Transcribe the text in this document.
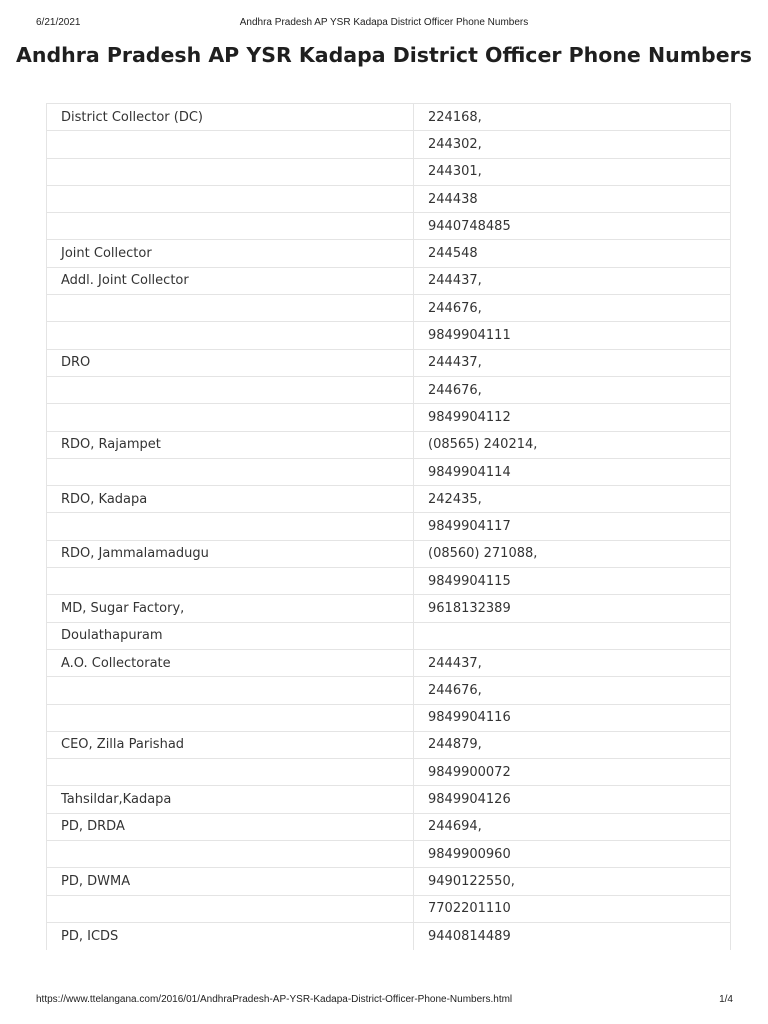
6/21/2021	Andhra Pradesh AP YSR Kadapa District Officer Phone Numbers
Andhra Pradesh AP YSR Kadapa District Officer Phone Numbers
District Collector (DC)	224168,
	244302,
	244301,
	244438
	9440748485
Joint Collector	244548
Addl. Joint Collector	244437,
	244676,
	9849904111
DRO	244437,
	244676,
	9849904112
RDO, Rajampet	(08565) 240214,
	9849904114
RDO, Kadapa	242435,
	9849904117
RDO, Jammalamadugu	(08560) 271088,
	9849904115
MD, Sugar Factory,	9618132389
Doulathapuram	
A.O. Collectorate	244437,
	244676,
	9849904116
CEO, Zilla Parishad	244879,
	9849900072
Tahsildar,Kadapa	9849904126
PD, DRDA	244694,
	9849900960
PD, DWMA	9490122550,
	7702201110
PD, ICDS	9440814489
https://www.ttelangana.com/2016/01/AndhraPradesh-AP-YSR-Kadapa-District-Officer-Phone-Numbers.html	1/4
